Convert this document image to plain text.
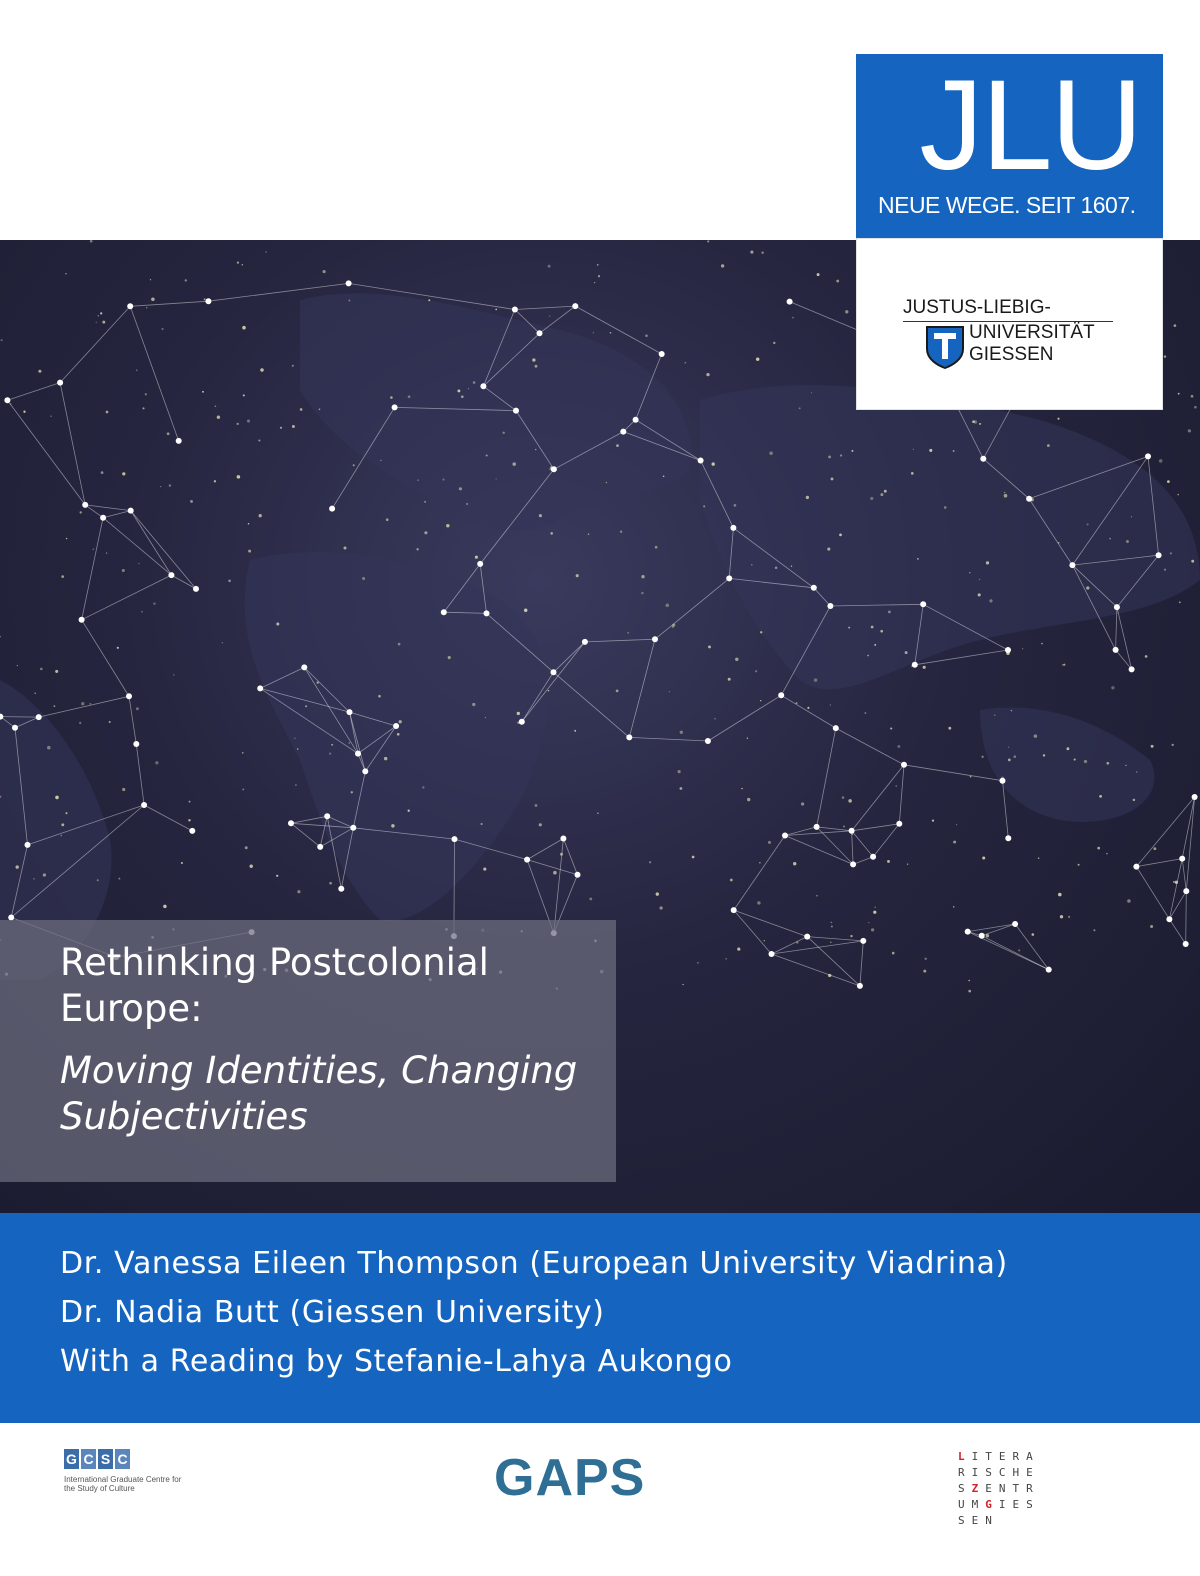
JLU
NEUE WEGE. SEIT 1607.
JUSTUS-LIEBIG-
UNIVERSITÄT
GIESSEN
Rethinking Postcolonial Europe:
Moving Identities, Changing Subjectivities
Dr. Vanessa Eileen Thompson (European University Viadrina)
Dr. Nadia Butt (Giessen University)
With a Reading by Stefanie-Lahya Aukongo
G C S C
International Graduate Centre for the Study of Culture	GAPS	LITERA
RISCHE
SZENTR
UMGIES
SEN
